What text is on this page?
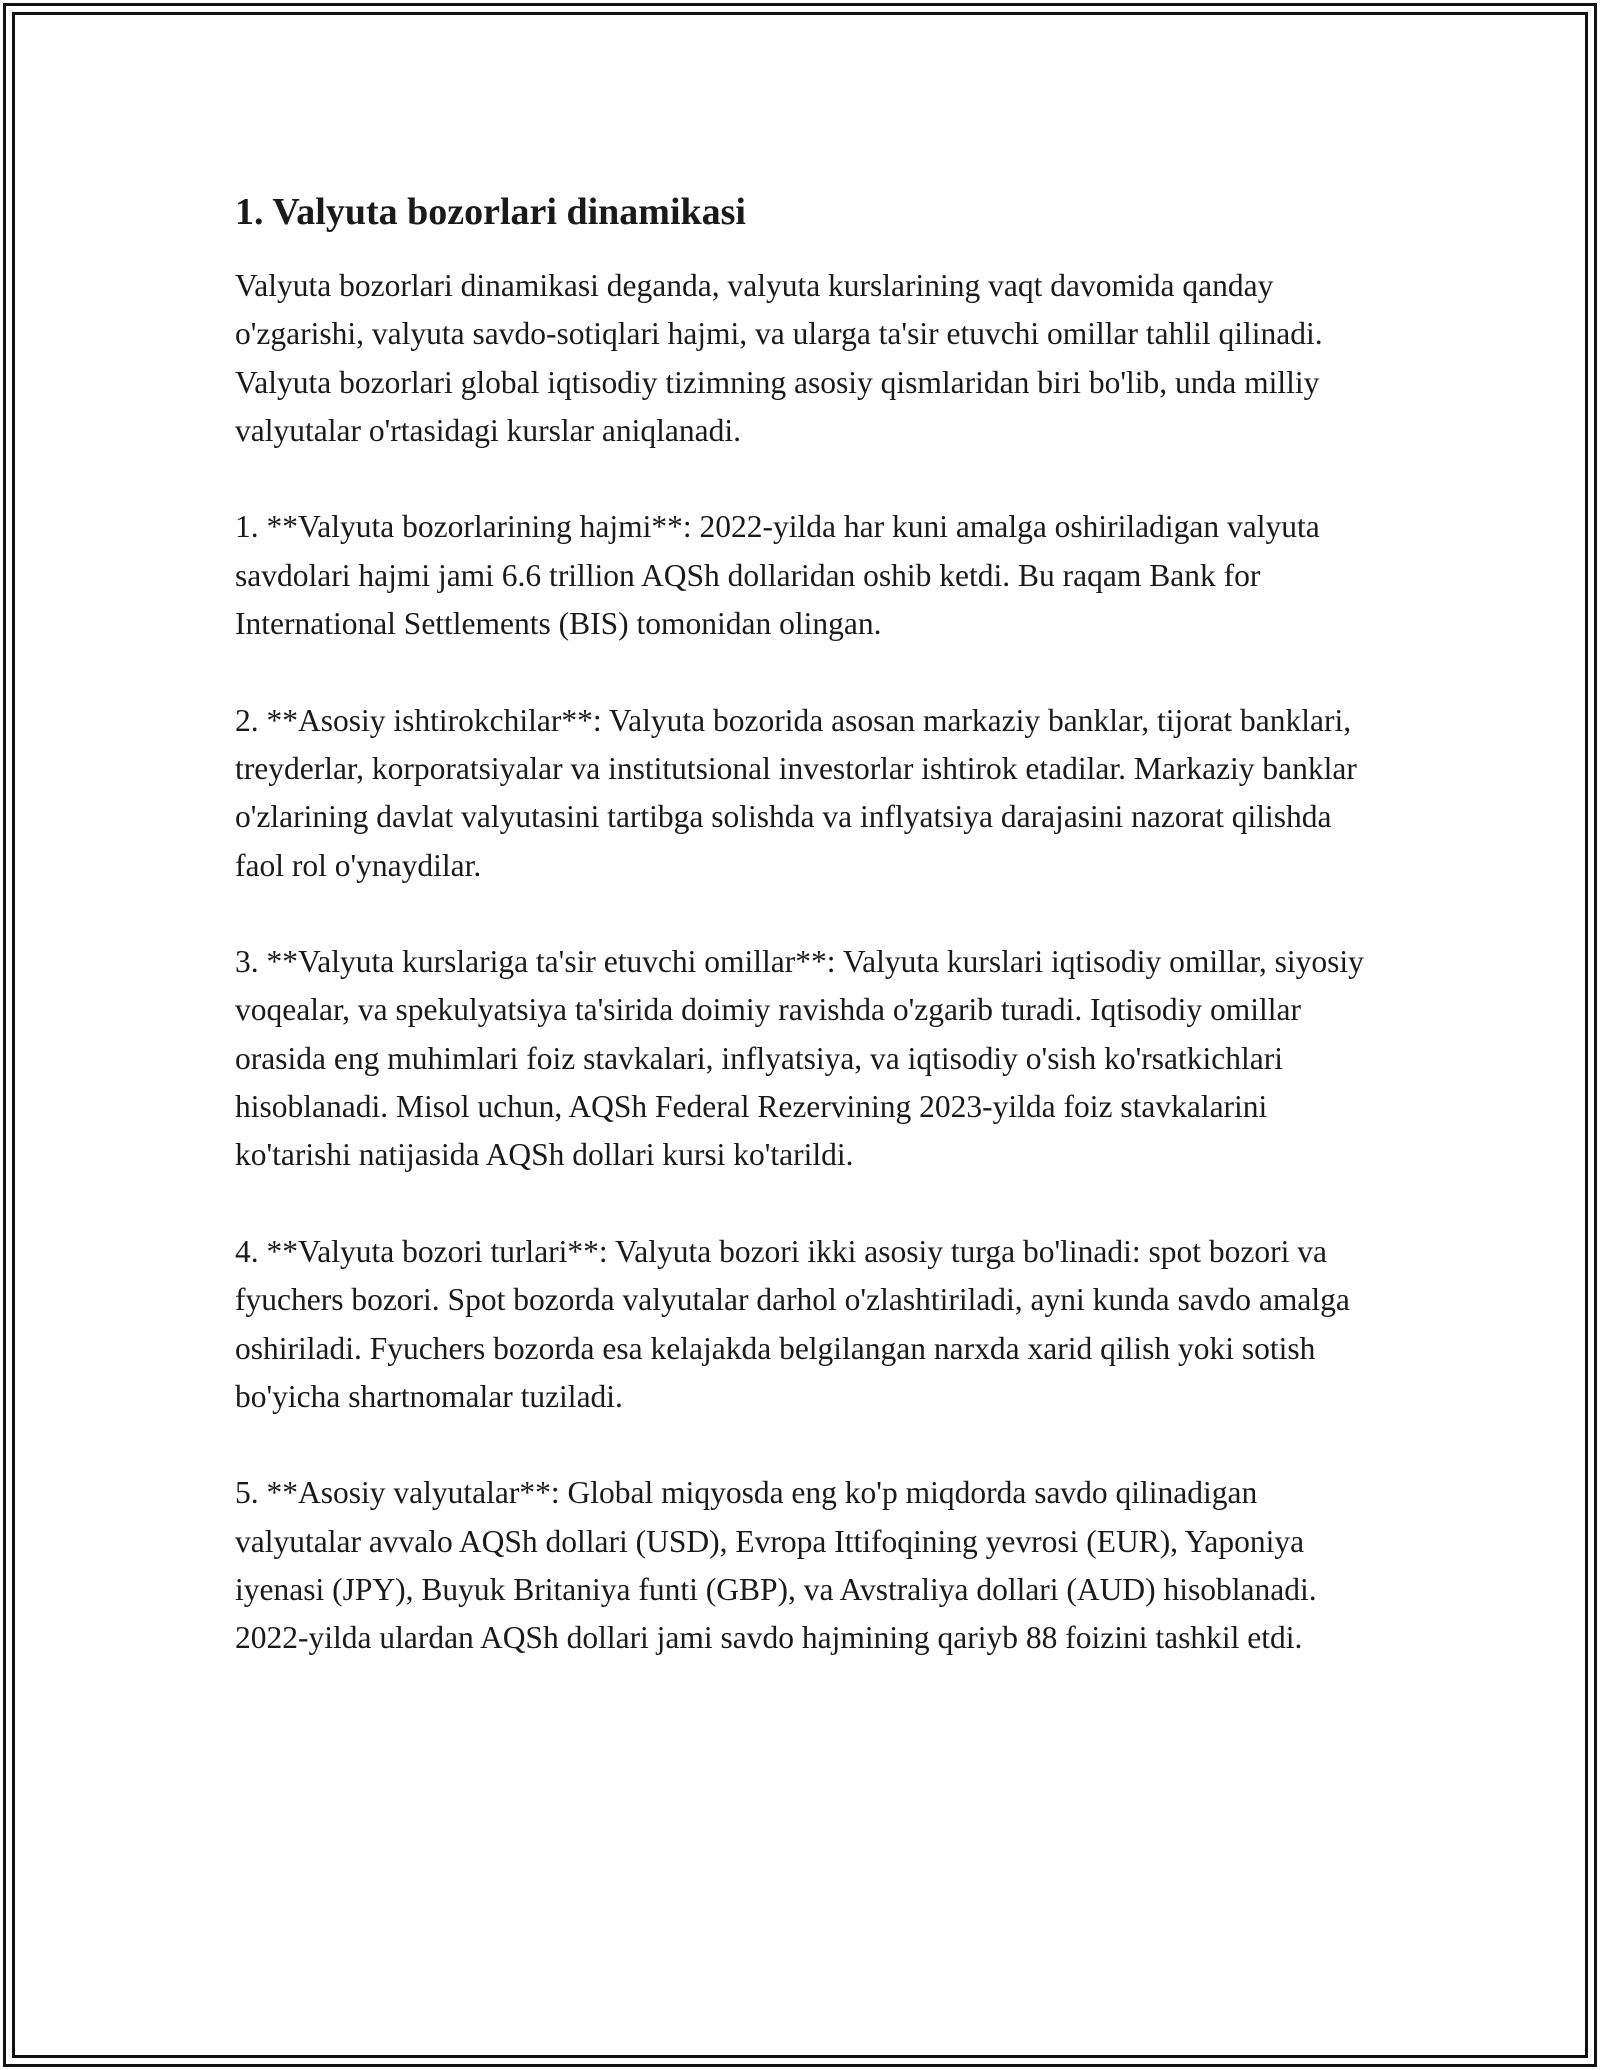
1. Valyuta bozorlari dinamikasi

Valyuta bozorlari dinamikasi deganda, valyuta kurslarining vaqt davomida qanday o'zgarishi, valyuta savdo-sotiqlari hajmi, va ularga ta'sir etuvchi omillar tahlil qilinadi. Valyuta bozorlari global iqtisodiy tizimning asosiy qismlaridan biri bo'lib, unda milliy valyutalar o'rtasidagi kurslar aniqlanadi.

1. **Valyuta bozorlarining hajmi**: 2022-yilda har kuni amalga oshiriladigan valyuta savdolari hajmi jami 6.6 trillion AQSh dollaridan oshib ketdi. Bu raqam Bank for International Settlements (BIS) tomonidan olingan.

2. **Asosiy ishtirokchilar**: Valyuta bozorida asosan markaziy banklar, tijorat banklari, treyderlar, korporatsiyalar va institutsional investorlar ishtirok etadilar. Markaziy banklar o'zlarining davlat valyutasini tartibga solishda va inflyatsiya darajasini nazorat qilishda faol rol o'ynaydilar.

3. **Valyuta kurslariga ta'sir etuvchi omillar**: Valyuta kurslari iqtisodiy omillar, siyosiy voqealar, va spekulyatsiya ta'sirida doimiy ravishda o'zgarib turadi. Iqtisodiy omillar orasida eng muhimlari foiz stavkalari, inflyatsiya, va iqtisodiy o'sish ko'rsatkichlari hisoblanadi. Misol uchun, AQSh Federal Rezervining 2023-yilda foiz stavkalarini ko'tarishi natijasida AQSh dollari kursi ko'tarildi.

4. **Valyuta bozori turlari**: Valyuta bozori ikki asosiy turga bo'linadi: spot bozori va fyuchers bozori. Spot bozorda valyutalar darhol o'zlashtiriladi, ayni kunda savdo amalga oshiriladi. Fyuchers bozorda esa kelajakda belgilangan narxda xarid qilish yoki sotish bo'yicha shartnomalar tuziladi.

5. **Asosiy valyutalar**: Global miqyosda eng ko'p miqdorda savdo qilinadigan valyutalar avvalo AQSh dollari (USD), Evropa Ittifoqining yevrosi (EUR), Yaponiya iyenasi (JPY), Buyuk Britaniya funti (GBP), va Avstraliya dollari (AUD) hisoblanadi. 2022-yilda ulardan AQSh dollari jami savdo hajmining qariyb 88 foizini tashkil etdi.
